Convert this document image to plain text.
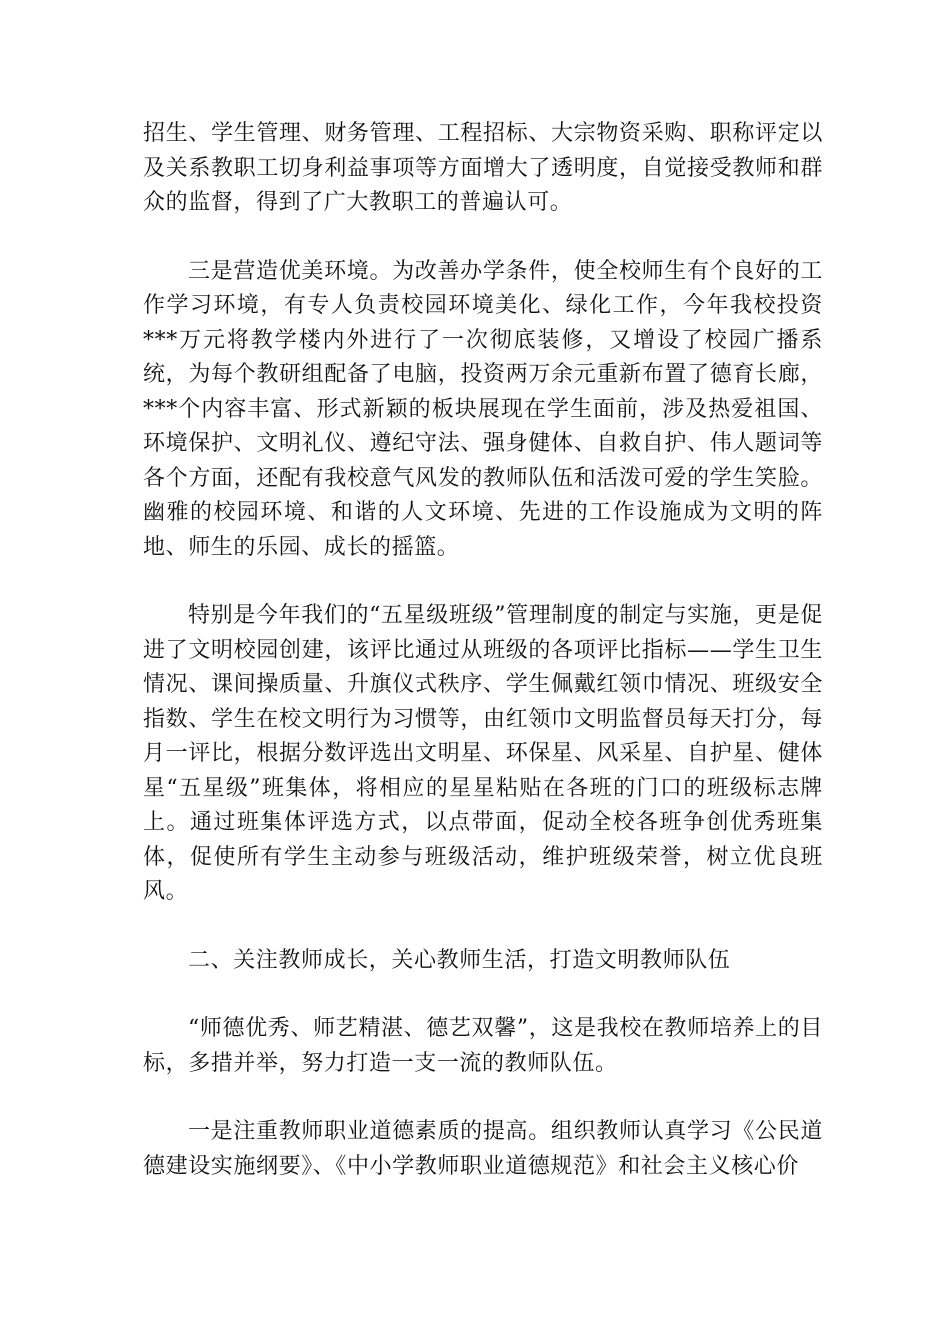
招生、学生管理、财务管理、工程招标、大宗物资采购、职称评定以及关系教职工切身利益事项等方面增大了透明度，自觉接受教师和群众的监督，得到了广大教职工的普遍认可。

三是营造优美环境。为改善办学条件，使全校师生有个良好的工作学习环境，有专人负责校园环境美化、绿化工作，今年我校投资***万元将教学楼内外进行了一次彻底装修，又增设了校园广播系统，为每个教研组配备了电脑，投资两万余元重新布置了德育长廊，***个内容丰富、形式新颖的板块展现在学生面前，涉及热爱祖国、环境保护、文明礼仪、遵纪守法、强身健体、自救自护、伟人题词等各个方面，还配有我校意气风发的教师队伍和活泼可爱的学生笑脸。幽雅的校园环境、和谐的人文环境、先进的工作设施成为文明的阵地、师生的乐园、成长的摇篮。

特别是今年我们的“五星级班级”管理制度的制定与实施，更是促进了文明校园创建，该评比通过从班级的各项评比指标——学生卫生情况、课间操质量、升旗仪式秩序、学生佩戴红领巾情况、班级安全指数、学生在校文明行为习惯等，由红领巾文明监督员每天打分，每月一评比，根据分数评选出文明星、环保星、风采星、自护星、健体星“五星级”班集体，将相应的星星粘贴在各班的门口的班级标志牌上。通过班集体评选方式，以点带面，促动全校各班争创优秀班集体，促使所有学生主动参与班级活动，维护班级荣誉，树立优良班风。

二、关注教师成长，关心教师生活，打造文明教师队伍

“师德优秀、师艺精湛、德艺双馨”，这是我校在教师培养上的目标，多措并举，努力打造一支一流的教师队伍。

一是注重教师职业道德素质的提高。组织教师认真学习《公民道德建设实施纲要》、《中小学教师职业道德规范》和社会主义核心价
